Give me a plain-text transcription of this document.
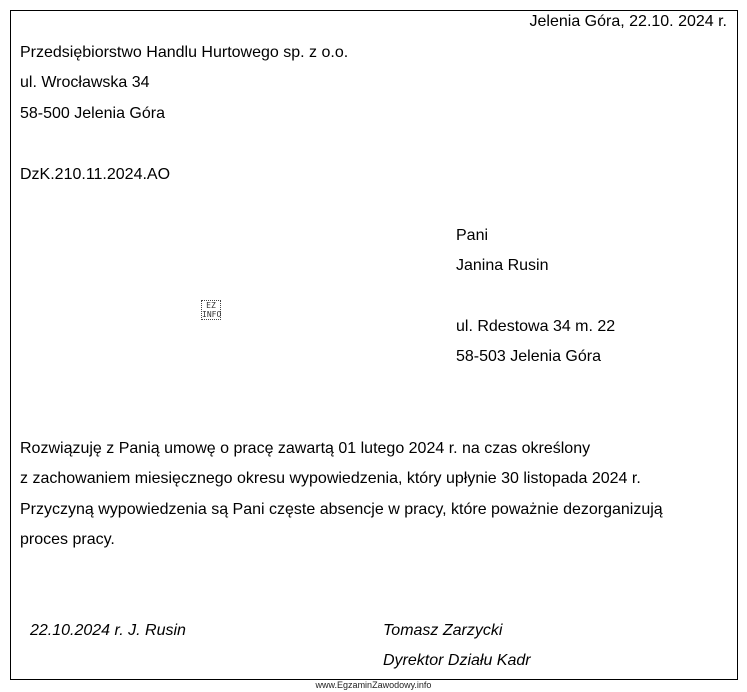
Jelenia Góra, 22.10. 2024 r.
Przedsiębiorstwo Handlu Hurtowego sp. z o.o.
ul. Wrocławska 34
58-500 Jelenia Góra
DzK.210.11.2024.AO
Pani
Janina Rusin
ul. Rdestowa 34 m. 22
58-503 Jelenia Góra
EZ
INFO
Rozwiązuję z Panią umowę o pracę zawartą 01 lutego 2024 r. na czas określony
z zachowaniem miesięcznego okresu wypowiedzenia, który upłynie 30 listopada 2024 r.
Przyczyną wypowiedzenia są Pani częste absencje w pracy, które poważnie dezorganizują
proces pracy.
22.10.2024 r. J. Rusin	Tomasz Zarzycki
Dyrektor Działu Kadr
www.EgzaminZawodowy.info
